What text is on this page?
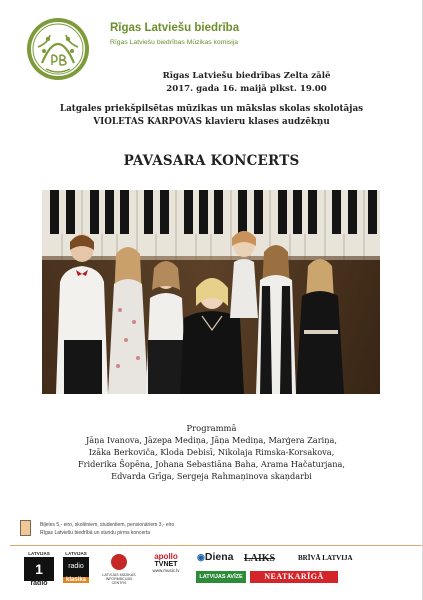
Rīgas Latviešu biedrība
Rīgas Latviešu biedrības Mūzikas komisija
Rīgas Latviešu biedrības Zelta zālē
2017. gada 16. maijā plkst. 19.00
Latgales priekšpilsētas mūzikas un mākslas skolas skolotājas
VIOLETAS KARPOVAS klavieru klases audzēkņu
PAVASARA KONCERTS
Programmā
Jāņa Ivanova, Jāzepa Mediņa, Jāņa Mediņa, Marģera Zariņa,
Izāka Berkoviča, Kloda Debisī, Nikolaja Rimska-Korsakova,
Friderika Šopēna, Johana Sebastiāna Baha, Arama Hačaturjana,
Edvarda Grīga, Sergeja Rahmaņinova skaņdarbi
Biļetes 5,- eiro, skolēniem, studentiem, pensionāriem 3,- eiro
Rīgas Latviešu biedrībā un stundu pirms koncerta
LATVIJAS
1
radio
LATVIJAS
radio
klasika
LATVIJAS MŪZIKAS INFORMĀCIJAS CENTRS
apollo
TVNET
www.music.lv
◉Diena LAIKS	BRĪVĀ LATVIJA
LATVIJAS AVĪZE	NEATKARĪGĀ
